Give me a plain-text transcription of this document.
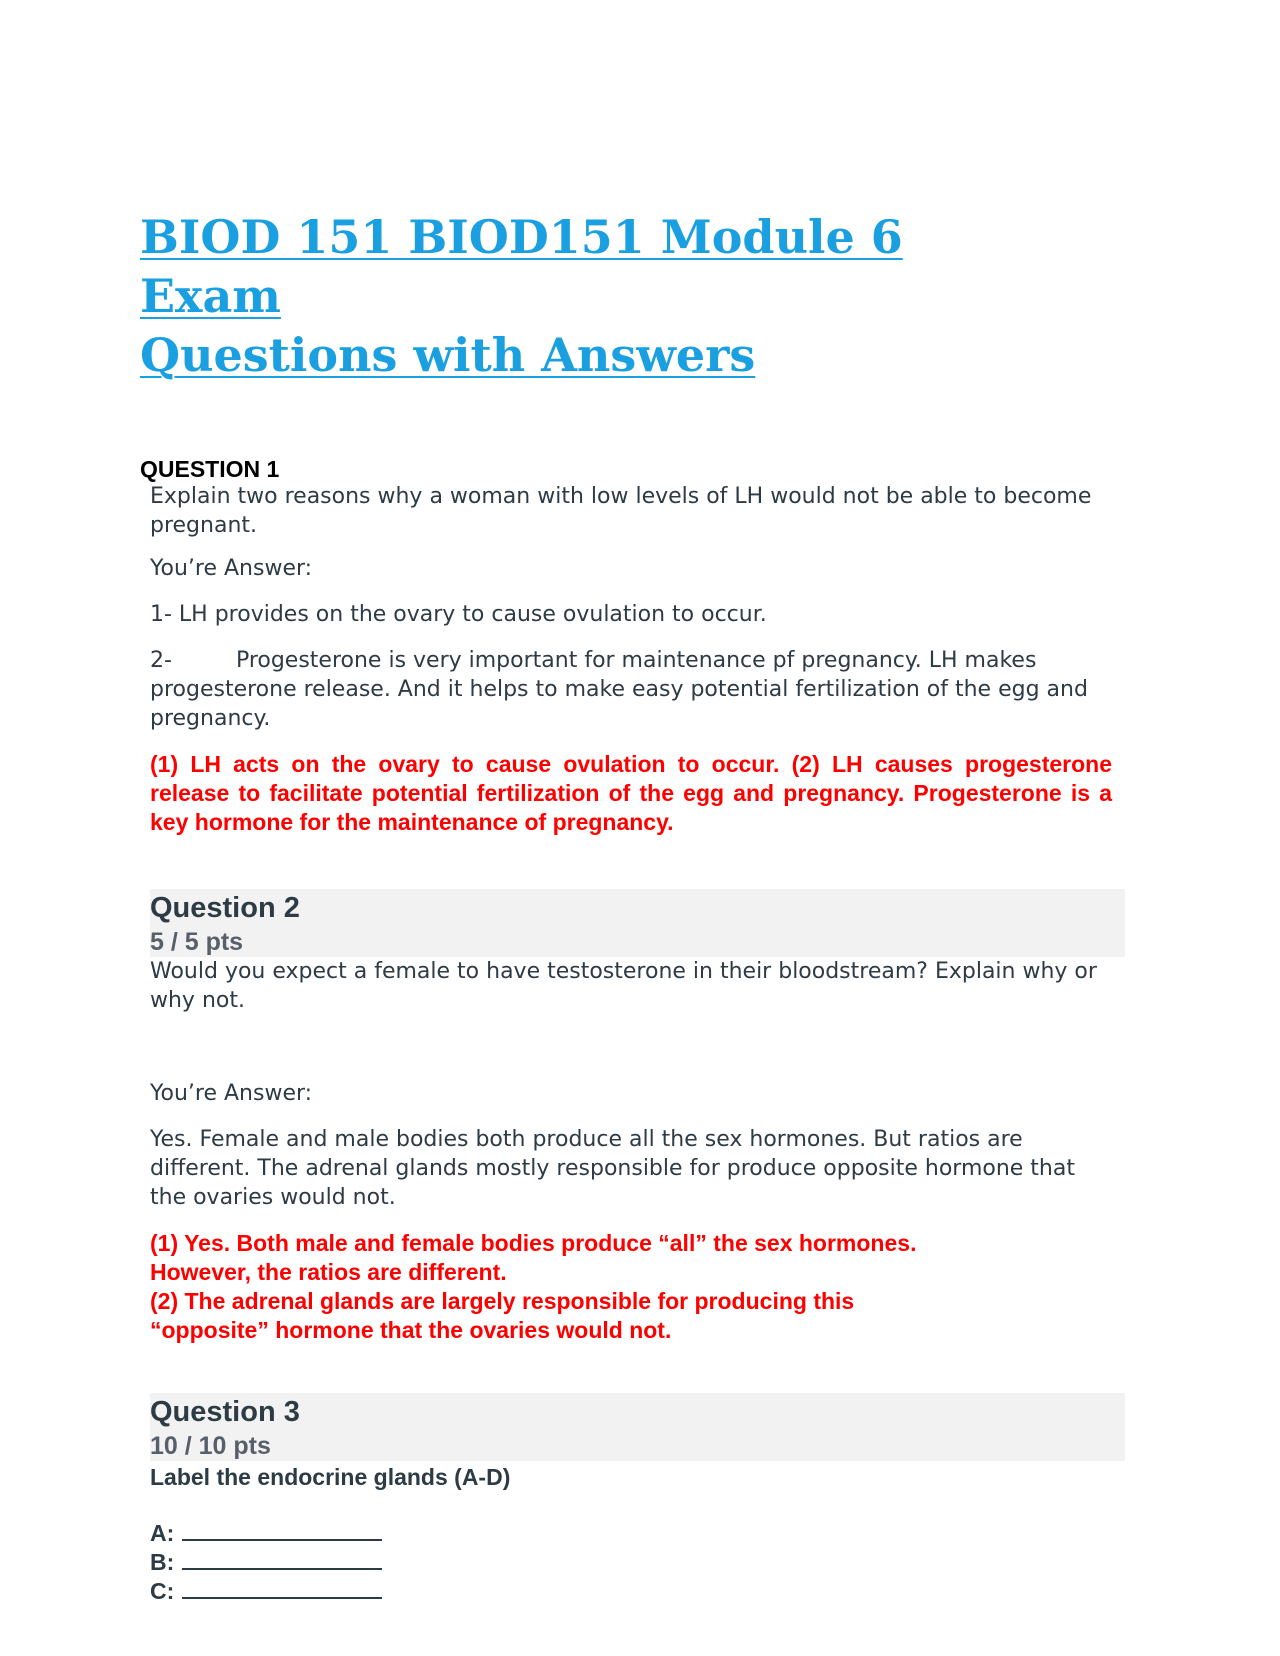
BIOD 151 BIOD151 Module 6 Exam
Questions with Answers
QUESTION 1

Explain two reasons why a woman with low levels of LH would not be able to become pregnant.

You’re Answer:

1- LH provides on the ovary to cause ovulation to occur.

2-	Progesterone is very important for maintenance pf pregnancy. LH makes progesterone release. And it helps to make easy potential fertilization of the egg and pregnancy.

(1) LH acts on the ovary to cause ovulation to occur. (2) LH causes progesterone release to facilitate potential fertilization of the egg and pregnancy. Progesterone is a key hormone for the maintenance of pregnancy.

Question 2
5 / 5 pts

Would you expect a female to have testosterone in their bloodstream? Explain why or why not.

You’re Answer:

Yes. Female and male bodies both produce all the sex hormones. But ratios are different. The adrenal glands mostly responsible for produce opposite hormone that the ovaries would not.

(1) Yes. Both male and female bodies produce “all” the sex hormones.

However, the ratios are different.

(2) The adrenal glands are largely responsible for producing this

“opposite” hormone that the ovaries would not.

Question 3
10 / 10 pts
Label the endocrine glands (A-D)
A:
B:
C:
